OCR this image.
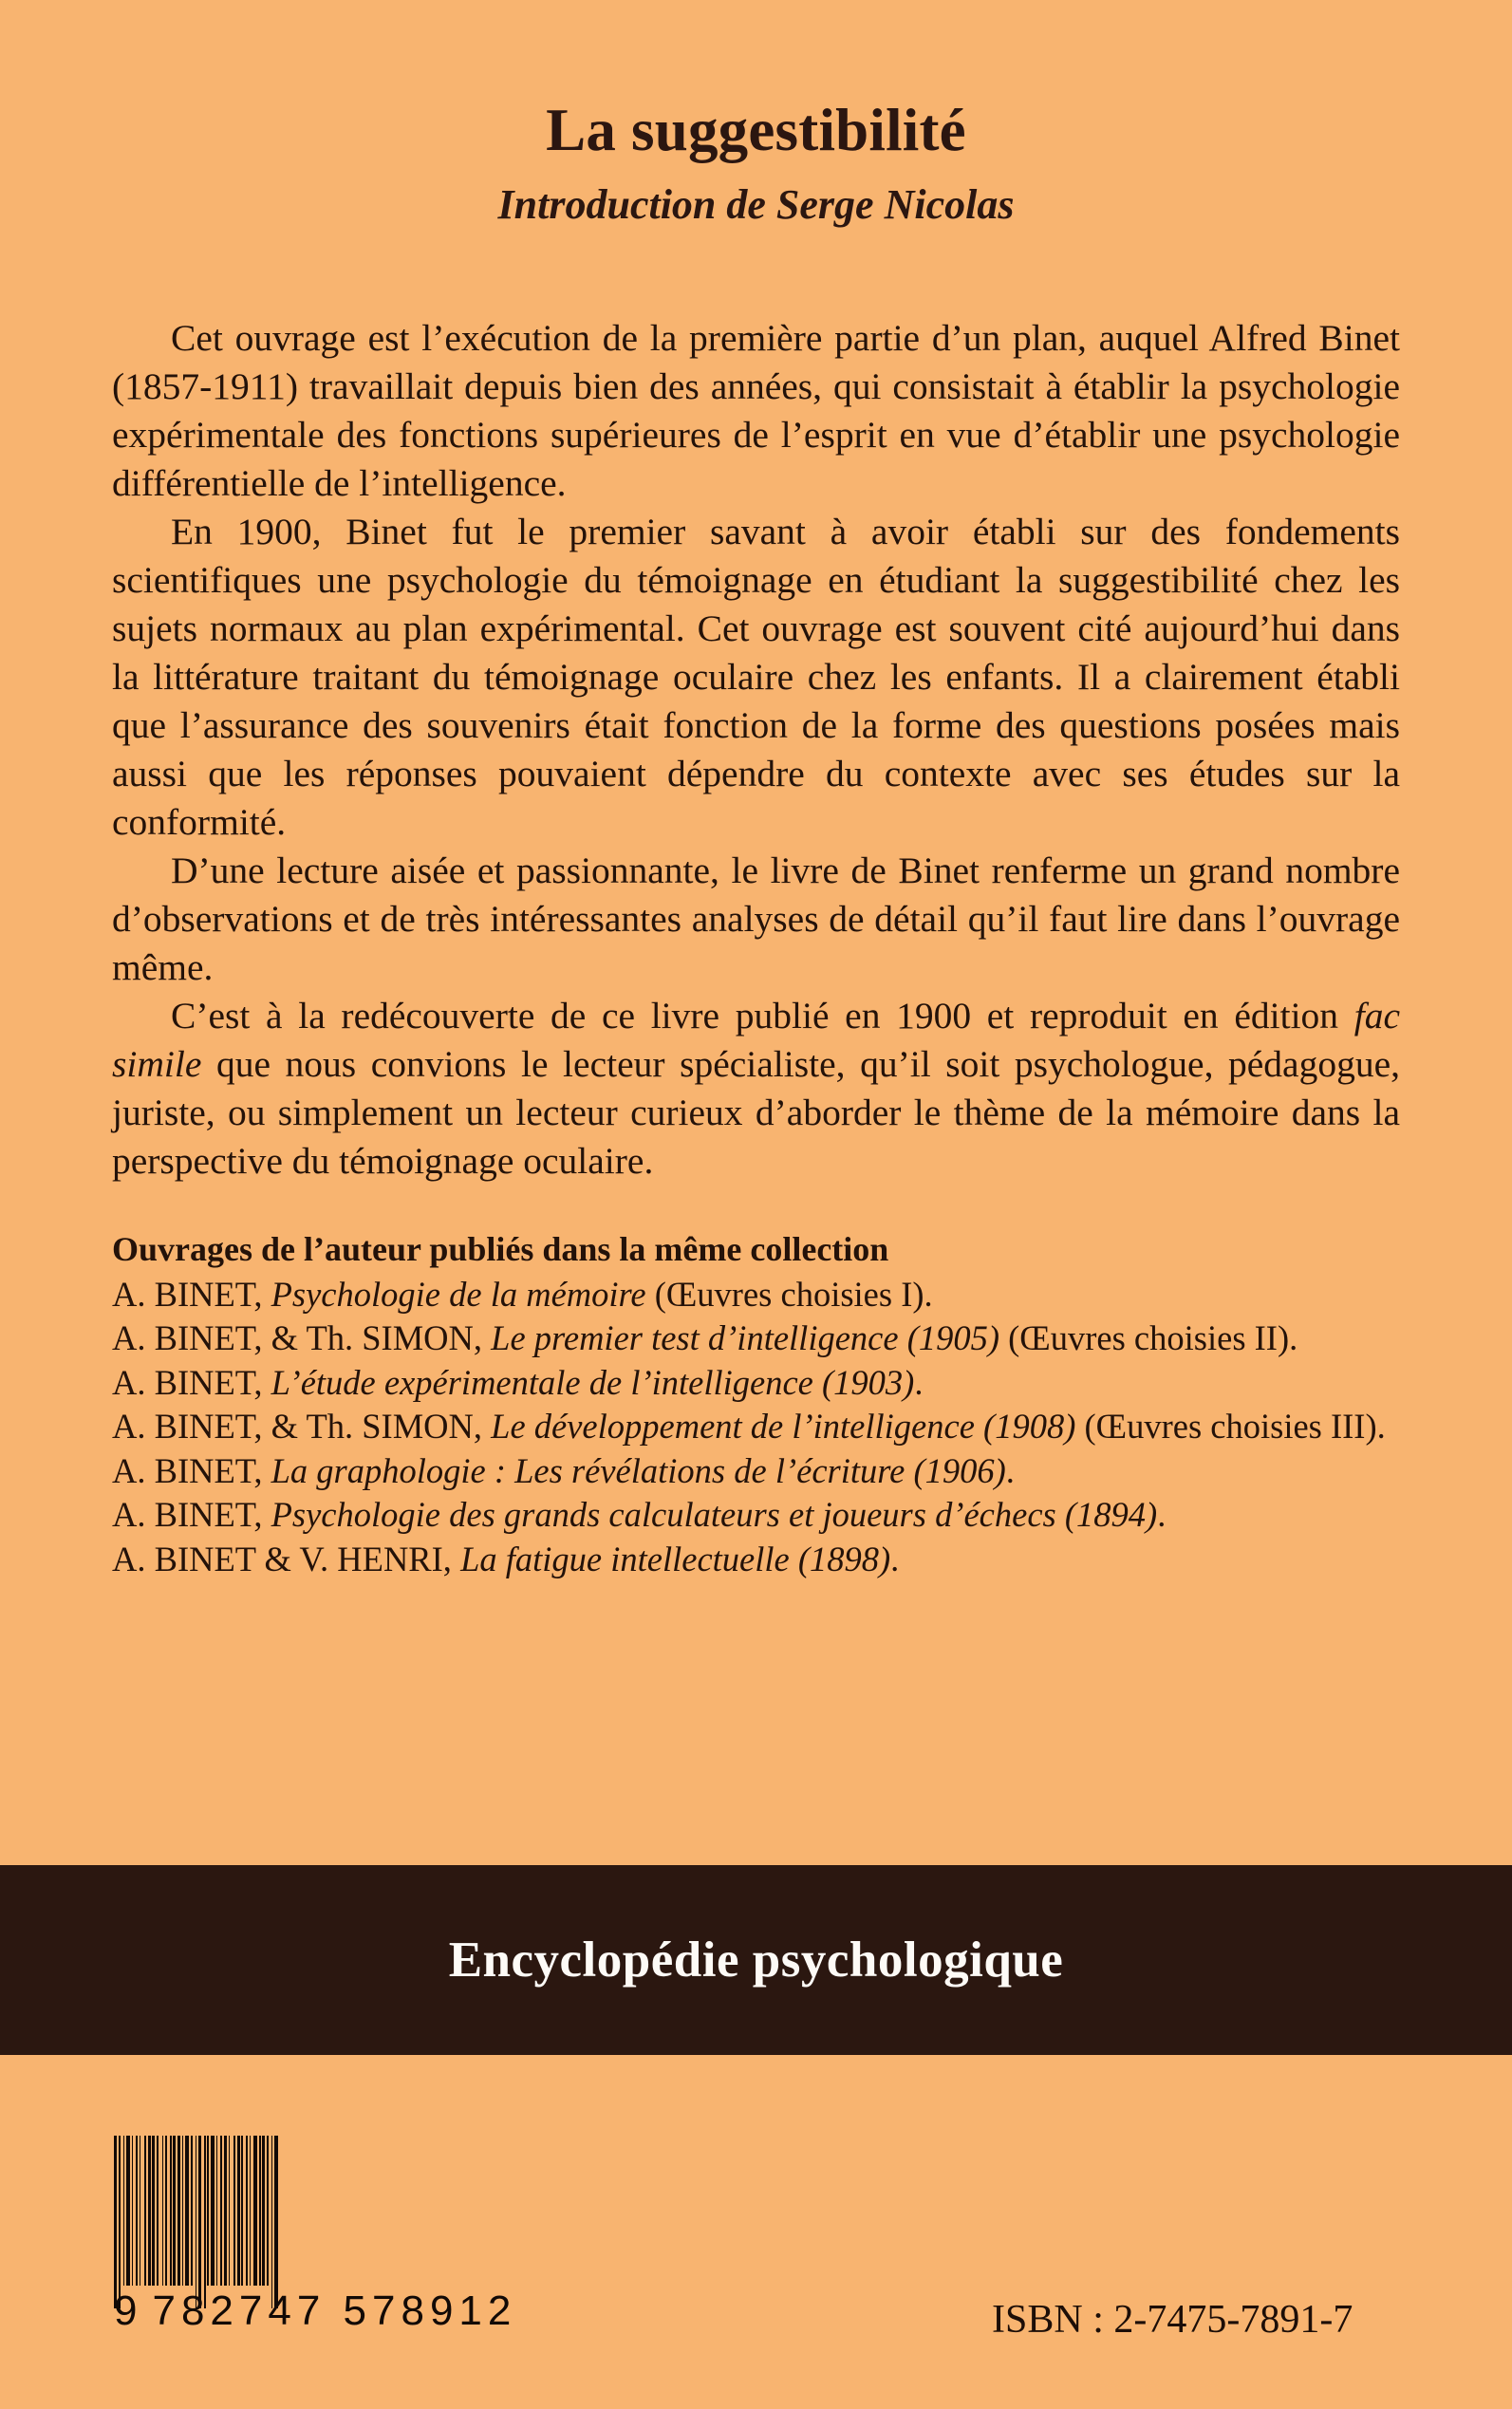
La suggestibilité
Introduction de Serge Nicolas

Cet ouvrage est l’exécution de la première partie d’un plan, auquel Alfred Binet (1857-1911) travaillait depuis bien des années, qui consistait à établir la psychologie expérimentale des fonctions supérieures de l’esprit en vue d’établir une psychologie différentielle de l’intelligence.

En 1900, Binet fut le premier savant à avoir établi sur des fondements scientifiques une psychologie du témoignage en étudiant la suggestibilité chez les sujets normaux au plan expérimental. Cet ouvrage est souvent cité aujourd’hui dans la littérature traitant du témoignage oculaire chez les enfants. Il a clairement établi que l’assurance des souvenirs était fonction de la forme des questions posées mais aussi que les réponses pouvaient dépendre du contexte avec ses études sur la conformité.

D’une lecture aisée et passionnante, le livre de Binet renferme un grand nombre d’observations et de très intéressantes analyses de détail qu’il faut lire dans l’ouvrage même.

C’est à la redécouverte de ce livre publié en 1900 et reproduit en édition fac simile que nous convions le lecteur spécialiste, qu’il soit psychologue, pédagogue, juriste, ou simplement un lecteur curieux d’aborder le thème de la mémoire dans la perspective du témoignage oculaire.

Ouvrages de l’auteur publiés dans la même collection
A. BINET, Psychologie de la mémoire (Œuvres choisies I).
A. BINET, & Th. SIMON, Le premier test d’intelligence (1905) (Œuvres choisies II).
A. BINET, L’étude expérimentale de l’intelligence (1903).
A. BINET, & Th. SIMON, Le développement de l’intelligence (1908) (Œuvres choisies III).
A. BINET, La graphologie : Les révélations de l’écriture (1906).
A. BINET, Psychologie des grands calculateurs et joueurs d’échecs (1894).
A. BINET & V. HENRI, La fatigue intellectuelle (1898).
Encyclopédie psychologique
9 782747 578912	ISBN : 2-7475-7891-7
